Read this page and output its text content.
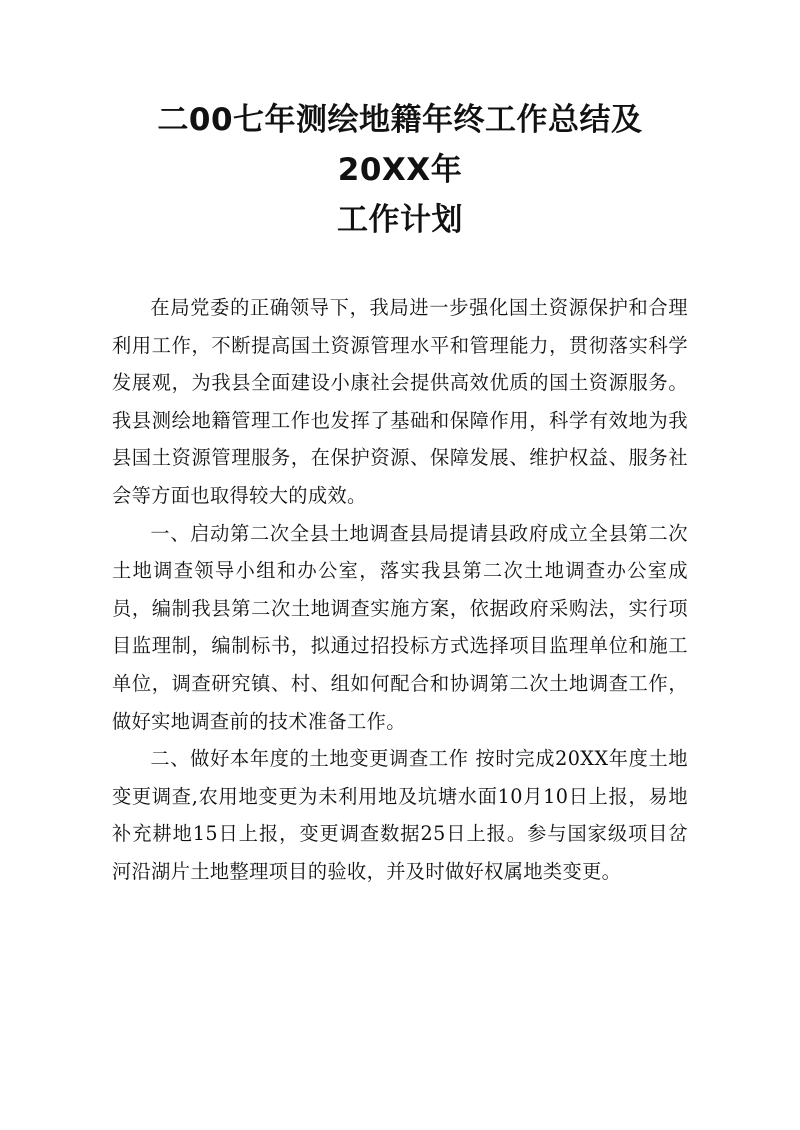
二00七年测绘地籍年终工作总结及20XX年
工作计划

在局党委的正确领导下，我局进一步强化国土资源保护和合理利用工作，不断提高国土资源管理水平和管理能力，贯彻落实科学发展观，为我县全面建设小康社会提供高效优质的国土资源服务。我县测绘地籍管理工作也发挥了基础和保障作用，科学有效地为我县国土资源管理服务，在保护资源、保障发展、维护权益、服务社会等方面也取得较大的成效。

一、启动第二次全县土地调查县局提请县政府成立全县第二次土地调查领导小组和办公室，落实我县第二次土地调查办公室成员，编制我县第二次土地调查实施方案，依据政府采购法，实行项目监理制，编制标书，拟通过招投标方式选择项目监理单位和施工单位，调查研究镇、村、组如何配合和协调第二次土地调查工作，做好实地调查前的技术准备工作。

二、做好本年度的土地变更调查工作 按时完成20XX年度土地变更调查,农用地变更为未利用地及坑塘水面10月10日上报，易地补充耕地15日上报，变更调查数据25日上报。参与国家级项目岔河沿湖片土地整理项目的验收，并及时做好权属地类变更。
